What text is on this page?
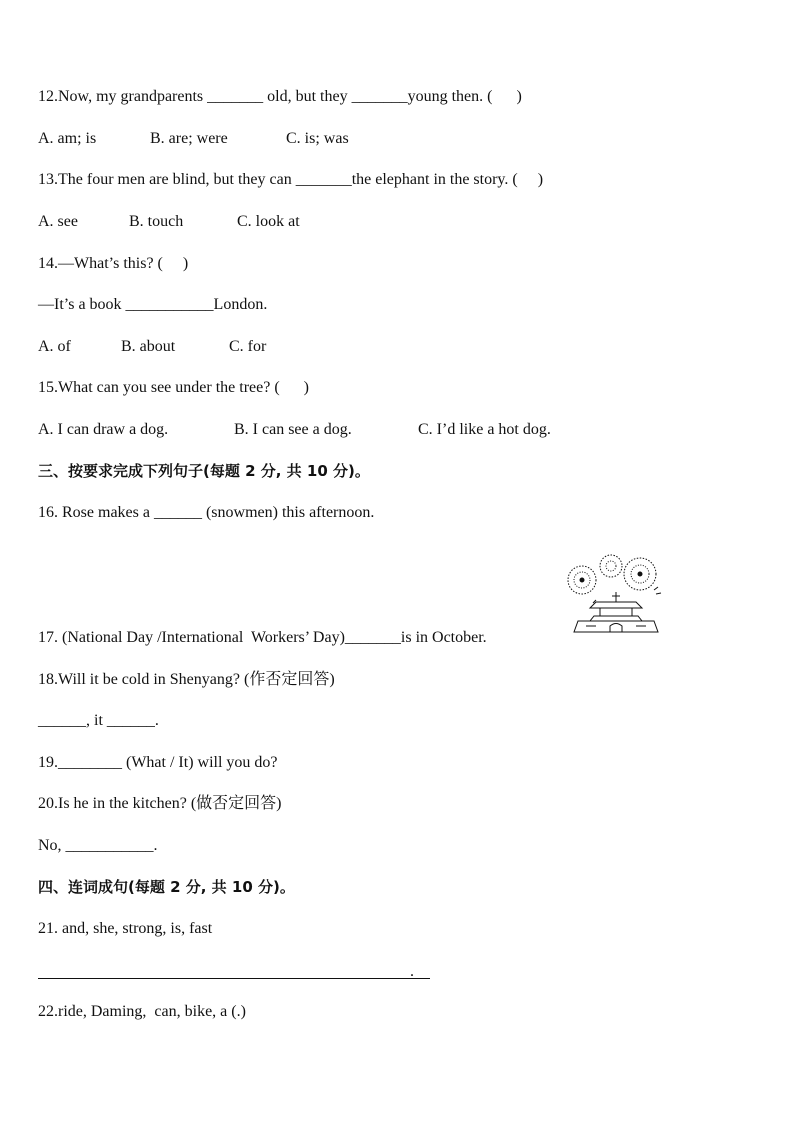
12.Now, my grandparents _______ old, but they _______young then. (      )
A. am; is	B. are; were	C. is; was
13.The four men are blind, but they can _______the elephant in the story. (     )
A. see	B. touch	C. look at
14.—What’s this? (     )
—It’s a book ___________London.
A. of	B. about	C. for
15.What can you see under the tree? (      )
A. I can draw a dog.	B. I can see a dog.	C. I’d like a hot dog.
三、按要求完成下列句子(每题 2 分, 共 10 分)。
16. Rose makes a ______ (snowmen) this afternoon.
17. (National Day /International  Workers’ Day)_______is in October.
18.Will it be cold in Shenyang? (作否定回答)
______, it ______.
19.________ (What / It) will you do?
20.Is he in the kitchen? (做否定回答)
No, ___________.
四、连词成句(每题 2 分, 共 10 分)。
21. and, she, strong, is, fast
.
22.ride, Daming,  can, bike, a (.)
